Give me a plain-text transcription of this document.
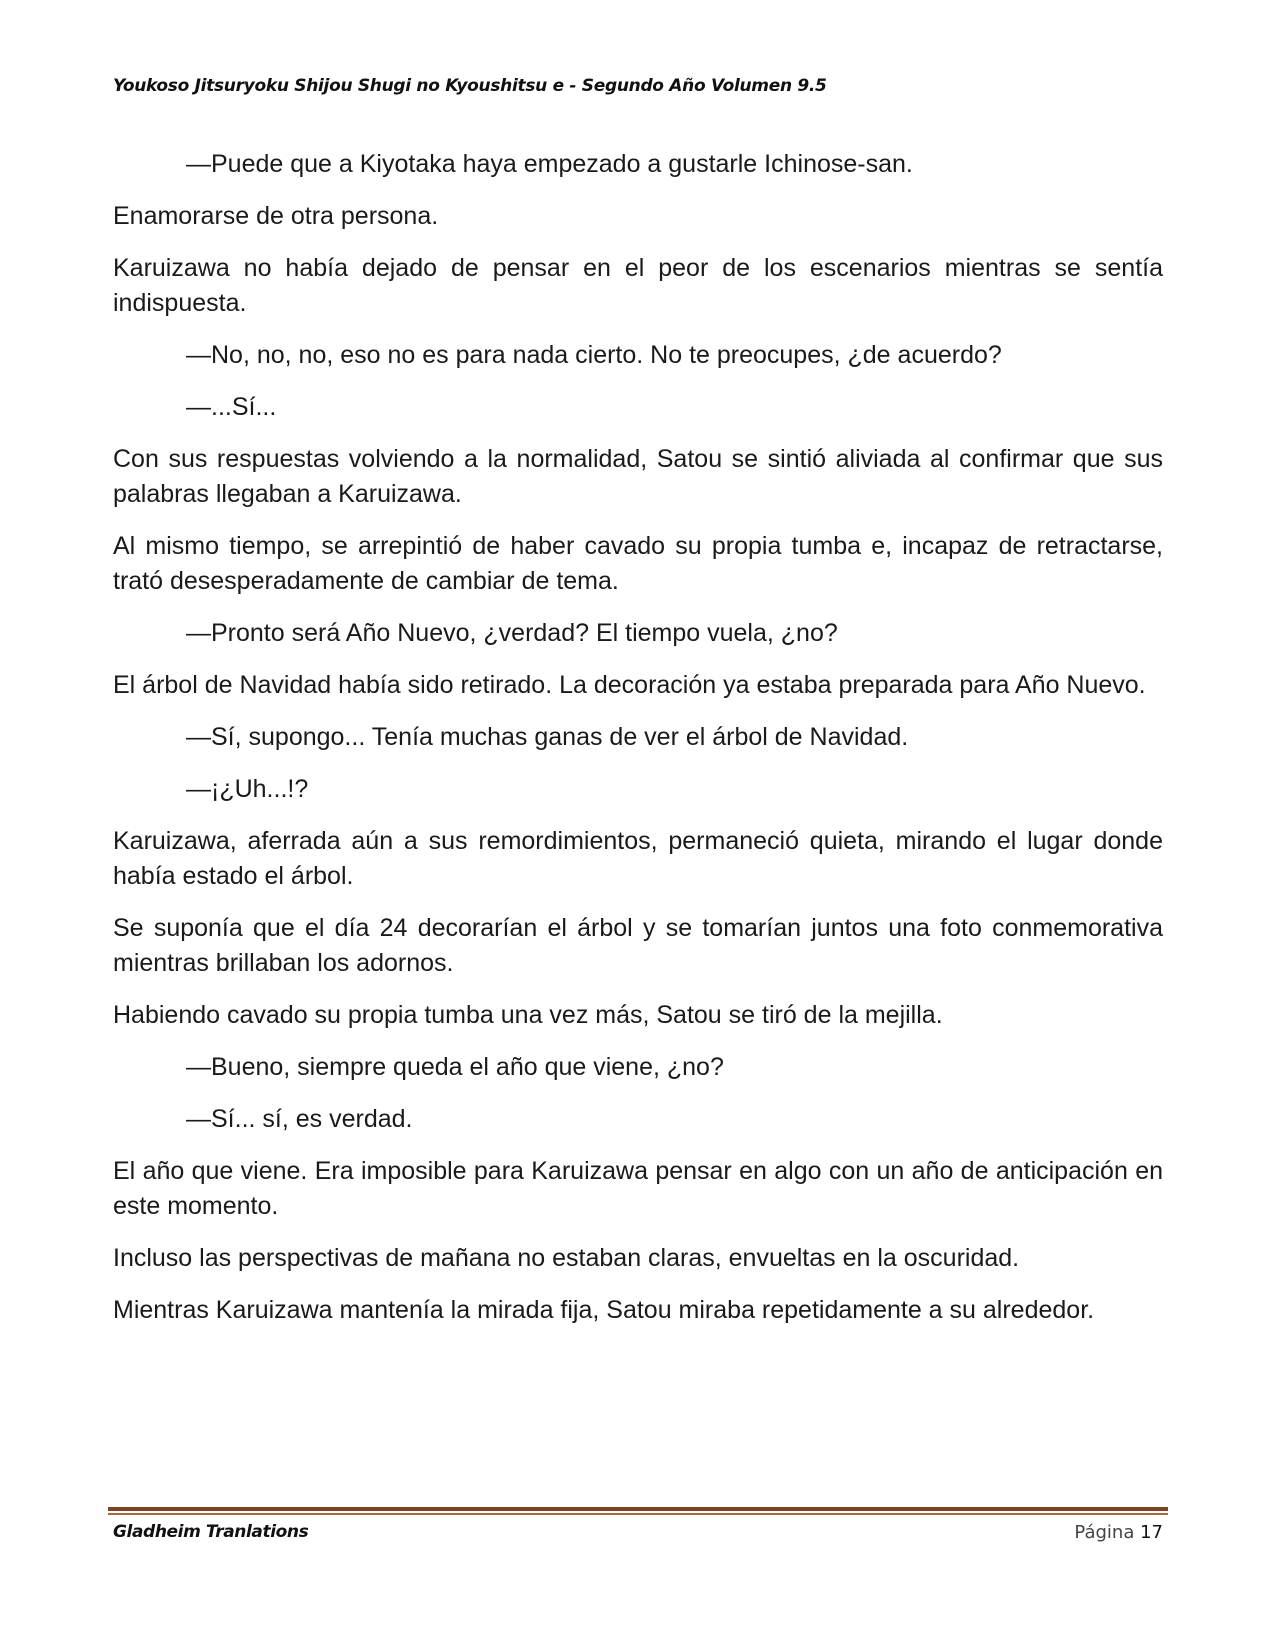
Youkoso Jitsuryoku Shijou Shugi no Kyoushitsu e - Segundo Año Volumen 9.5

—Puede que a Kiyotaka haya empezado a gustarle Ichinose-san.

Enamorarse de otra persona.

Karuizawa no había dejado de pensar en el peor de los escenarios mientras se sentía indispuesta.

—No, no, no, eso no es para nada cierto. No te preocupes, ¿de acuerdo?

—...Sí...

Con sus respuestas volviendo a la normalidad, Satou se sintió aliviada al confirmar que sus palabras llegaban a Karuizawa.

Al mismo tiempo, se arrepintió de haber cavado su propia tumba e, incapaz de retractarse, trató desesperadamente de cambiar de tema.

—Pronto será Año Nuevo, ¿verdad? El tiempo vuela, ¿no?

El árbol de Navidad había sido retirado. La decoración ya estaba preparada para Año Nuevo.

—Sí, supongo... Tenía muchas ganas de ver el árbol de Navidad.

—¡¿Uh...!?

Karuizawa, aferrada aún a sus remordimientos, permaneció quieta, mirando el lugar donde había estado el árbol.

Se suponía que el día 24 decorarían el árbol y se tomarían juntos una foto conmemorativa mientras brillaban los adornos.

Habiendo cavado su propia tumba una vez más, Satou se tiró de la mejilla.

—Bueno, siempre queda el año que viene, ¿no?

—Sí... sí, es verdad.

El año que viene. Era imposible para Karuizawa pensar en algo con un año de anticipación en este momento.

Incluso las perspectivas de mañana no estaban claras, envueltas en la oscuridad.

Mientras Karuizawa mantenía la mirada fija, Satou miraba repetidamente a su alrededor.

Gladheim Tranlations	Página 17
